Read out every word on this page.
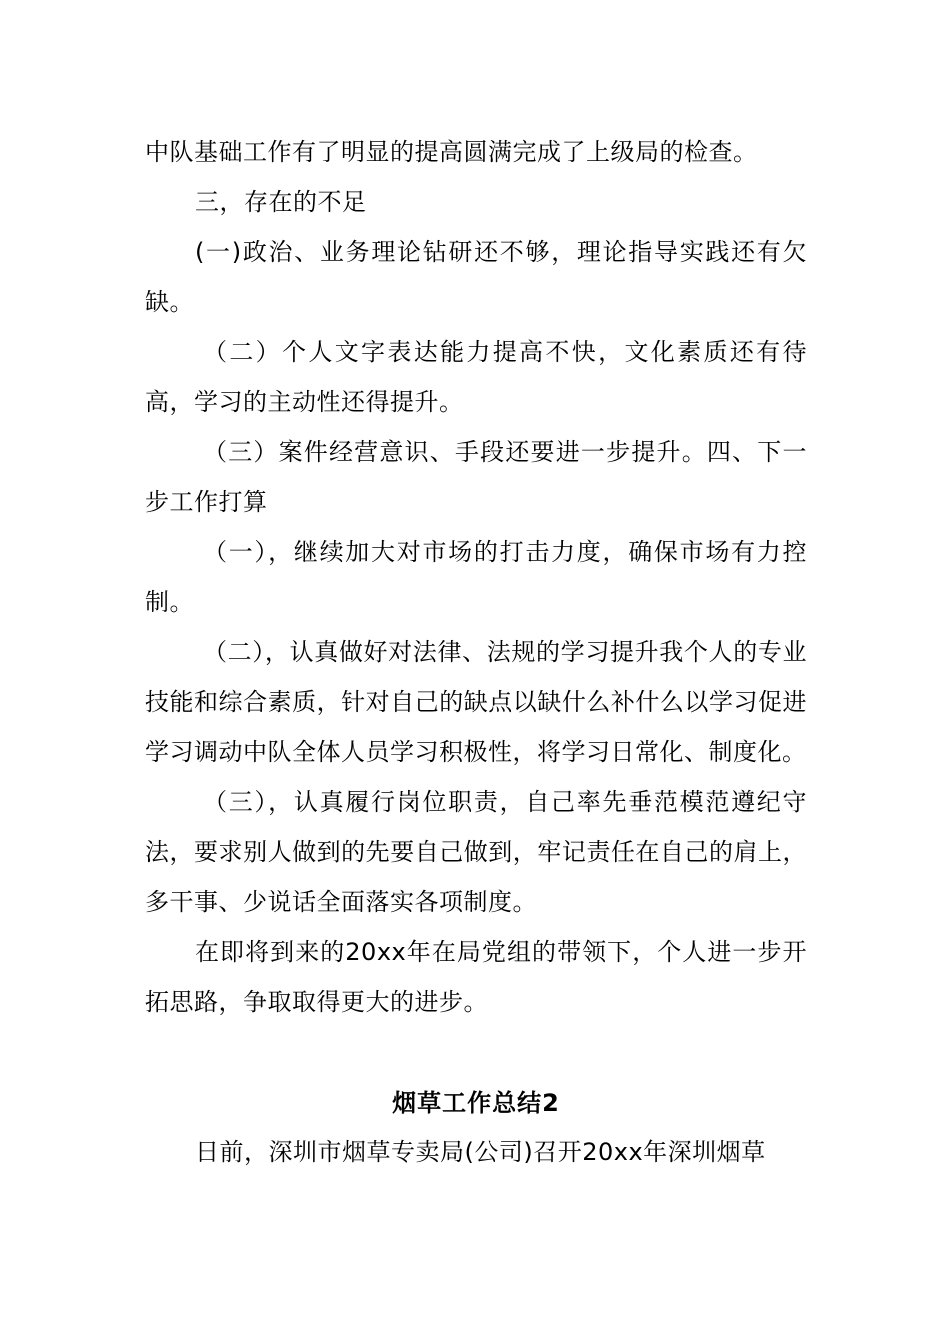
中队基础工作有了明显的提高圆满完成了上级局的检查。

三，存在的不足

(一)政治、业务理论钻研还不够，理论指导实践还有欠缺。

（二）个人文字表达能力提高不快，文化素质还有待高，学习的主动性还得提升。

（三）案件经营意识、手段还要进一步提升。四、下一步工作打算

（一），继续加大对市场的打击力度，确保市场有力控制。

（二），认真做好对法律、法规的学习提升我个人的专业技能和综合素质，针对自己的缺点以缺什么补什么以学习促进学习调动中队全体人员学习积极性，将学习日常化、制度化。

（三），认真履行岗位职责，自己率先垂范模范遵纪守法，要求别人做到的先要自己做到，牢记责任在自己的肩上，多干事、少说话全面落实各项制度。

在即将到来的20xx年在局党组的带领下，个人进一步开拓思路，争取取得更大的进步。

烟草工作总结2

日前，深圳市烟草专卖局(公司)召开20xx年深圳烟草
